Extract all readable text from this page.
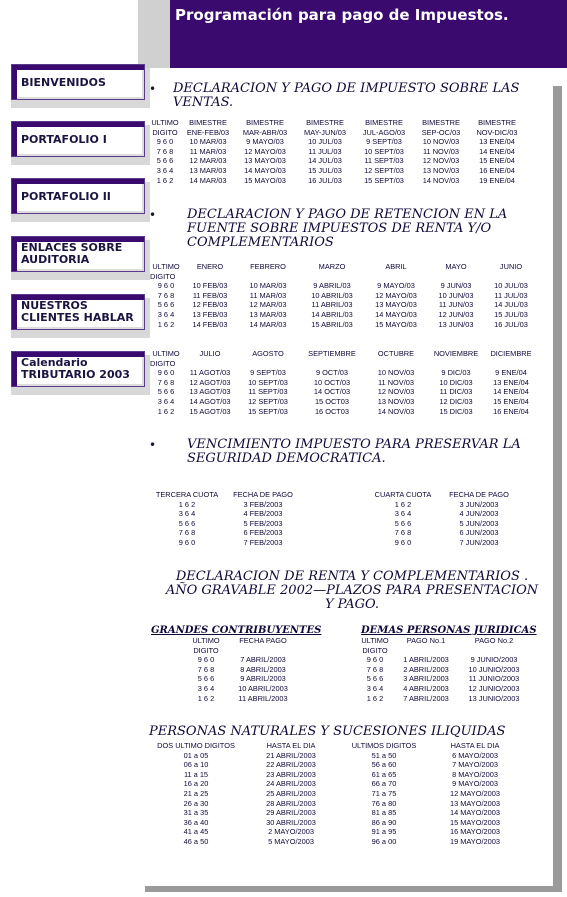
Programación para pago de Impuestos.
BIENVENIDOS
PORTAFOLIO I
PORTAFOLIO II
ENLACES SOBRE
AUDITORIA
NUESTROS
CLIENTES HABLAR
Calendario
TRIBUTARIO 2003
• DECLARACION Y PAGO DE IMPUESTO SOBRE LAS
VENTAS.
ULTIMO	BIMESTRE	BIMESTRE	BIMESTRE	BIMESTRE	BIMESTRE	BIMESTRE
DIGITO	ENE-FEB/03	MAR-ABR/03	MAY-JUN/03	JUL-AGO/03	SEP-OC/03	NOV-DIC/03
9 6 0	10 MAR/03	9 MAYO/03	10 JUL/03	9 SEPT/03	10 NOV/03	13 ENE/04
7 6 8	11 MAR/03	12 MAYO/03	11 JUL/03	10 SEPT/03	11 NOV/03	14 ENE/04
5 6 6	12 MAR/03	13 MAYO/03	14 JUL/03	11 SEPT/03	12 NOV/03	15 ENE/04
3 6 4	13 MAR/03	14 MAYO/03	15 JUL/03	12 SEPT/03	13 NOV/03	16 ENE/04
1 6 2	14 MAR/03	15 MAYO/03	16 JUL/03	15 SEPT/03	14 NOV/03	19 ENE/04
• DECLARACION Y PAGO DE RETENCION EN LA
FUENTE SOBRE IMPUESTOS DE RENTA Y/O
COMPLEMENTARIOS
ULTIMO	ENERO	FEBRERO	MARZO	ABRIL	MAYO	JUNIO
DIGITO						
9 6 0	10 FEB/03	10 MAR/03	9 ABRIL/03	9 MAYO/03	9 JUN/03	10 JUL/03
7 6 8	11 FEB/03	11 MAR/03	10 ABRIL/03	12 MAYO/03	10 JUN/03	11 JUL/03
5 6 6	12 FEB/03	12 MAR/03	11 ABRIL/03	13 MAYO/03	11 JUN/03	14 JUL/03
3 6 4	13 FEB/03	13 MAR/03	14 ABRIL/03	14 MAYO/03	12 JUN/03	15 JUL/03
1 6 2	14 FEB/03	14 MAR/03	15 ABRIL/03	15 MAYO/03	13 JUN/03	16 JUL/03
ULTIMO	JULIO	AGOSTO	SEPTIEMBRE	OCTUBRE	NOVIEMBRE	DICIEMBRE
DIGITO						
9 6 0	11 AGOT/03	9 SEPT/03	9 OCT/03	10 NOV/03	9 DIC/03	9 ENE/04
7 6 8	12 AGOT/03	10 SEPT/03	10 OCT/03	11 NOV/03	10 DIC/03	13 ENE/04
5 6 6	13 AGOT/03	11 SEPT/03	14 OCT/03	12 NOV/03	11 DIC/03	14 ENE/04
3 6 4	14 AGOT/03	12 SEPT/03	15 OCT03	13 NOV/03	12 DIC/03	15 ENE/04
1 6 2	15 AGOT/03	15 SEPT/03	16 OCT03	14 NOV/03	15 DIC/03	16 ENE/04
• VENCIMIENTO IMPUESTO PARA PRESERVAR LA
SEGURIDAD DEMOCRATICA.
TERCERA CUOTA	FECHA DE PAGO
1 6 2	3 FEB/2003
3 6 4	4 FEB/2003
5 6 6	5 FEB/2003
7 6 8	6 FEB/2003
9 6 0	7 FEB/2003
CUARTA CUOTA	FECHA DE PAGO
1 6 2	3 JUN/2003
3 6 4	4 JUN/2003
5 6 6	5 JUN/2003
7 6 8	6 JUN/2003
9 6 0	7 JUN/2003
DECLARACION DE RENTA Y COMPLEMENTARIOS .
AÑO GRAVABLE 2002—PLAZOS PARA PRESENTACION
Y PAGO.
GRANDES CONTRIBUYENTES	DEMAS PERSONAS JURIDICAS
ULTIMO	FECHA PAGO
DIGITO	
9 6 0	7 ABRIL/2003
7 6 8	8 ABRIL/2003
5 6 6	9 ABRIL/2003
3 6 4	10 ABRIL/2003
1 6 2	11 ABRIL/2003
ULTIMO	PAGO No.1	PAGO No.2
DIGITO		
9 6 0	1 ABRIL/2003	9 JUNIO/2003
7 6 8	2 ABRIL/2003	10 JUNIO/2003
5 6 6	3 ABRIL/2003	11 JUNIO/2003
3 6 4	4 ABRIL/2003	12 JUNIO/2003
1 6 2	7 ABRIL/2003	13 JUNIO/2003
PERSONAS NATURALES Y SUCESIONES ILIQUIDAS
DOS ULTIMO DIGITOS	HASTA EL DIA	ULTIMOS DIGITOS	HASTA EL DIA
01 a 05	21 ABRIL/2003	51 a 50	6 MAYO/2003
06 a 10	22 ABRIL/2003	56 a 60	7 MAYO/2003
11 a 15	23 ABRIL/2003	61 a 65	8 MAYO/2003
16 a 20	24 ABRIL/2003	66 a 70	9 MAYO/2003
21 a 25	25 ABRIL/2003	71 a 75	12 MAYO/2003
26 a 30	28 ABRIL/2003	76 a 80	13 MAYO/2003
31 a 35	29 ABRIL/2003	81 a 85	14 MAYO/2003
36 a 40	30 ABRIL/2003	86 a 90	15 MAYO/2003
41 a 45	2 MAYO/2003	91 a 95	16 MAYO/2003
46 a 50	5 MAYO/2003	96 a 00	19 MAYO/2003
